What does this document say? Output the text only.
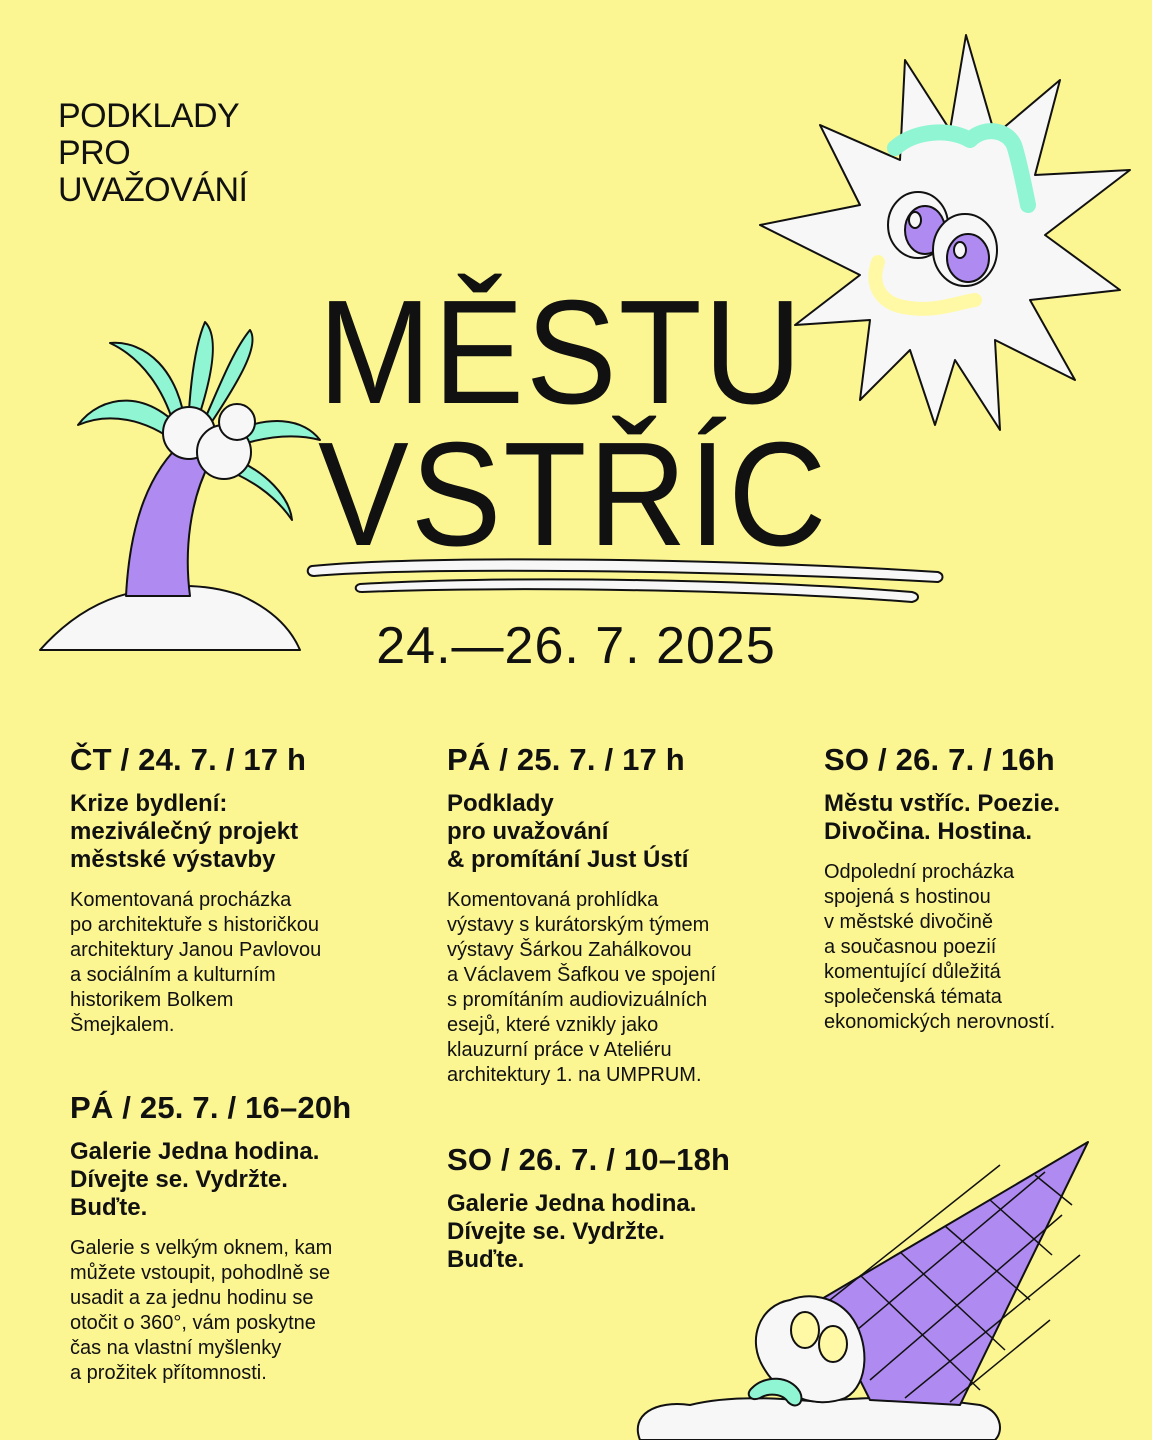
PODKLADY
PRO
UVAŽOVÁNÍ
MĚSTU
VSTŘÍC
24.—26. 7. 2025
ČT / 24. 7. / 17 h
Krize bydlení:
meziválečný projekt
městské výstavby
Komentovaná procházka
po architektuře s historičkou
architektury Janou Pavlovou
a sociálním a kulturním
historikem Bolkem
Šmejkalem.
PÁ / 25. 7. / 17 h
Podklady
pro uvažování
& promítání Just Ústí
Komentovaná prohlídka
výstavy s kurátorským týmem
výstavy Šárkou Zahálkovou
a Václavem Šafkou ve spojení
s promítáním audiovizuálních
esejů, které vznikly jako
klauzurní práce v Ateliéru
architektury 1. na UMPRUM.
SO / 26. 7. / 16h
Městu vstříc. Poezie.
Divočina. Hostina.
Odpolední procházka
spojená s hostinou
v městské divočině
a současnou poezií
komentující důležitá
společenská témata
ekonomických nerovností.
PÁ / 25. 7. / 16–20h
Galerie Jedna hodina.
Dívejte se. Vydržte.
Buďte.
Galerie s velkým oknem, kam
můžete vstoupit, pohodlně se
usadit a za jednu hodinu se
otočit o 360°, vám poskytne
čas na vlastní myšlenky
a prožitek přítomnosti.
SO / 26. 7. / 10–18h
Galerie Jedna hodina.
Dívejte se. Vydržte.
Buďte.
